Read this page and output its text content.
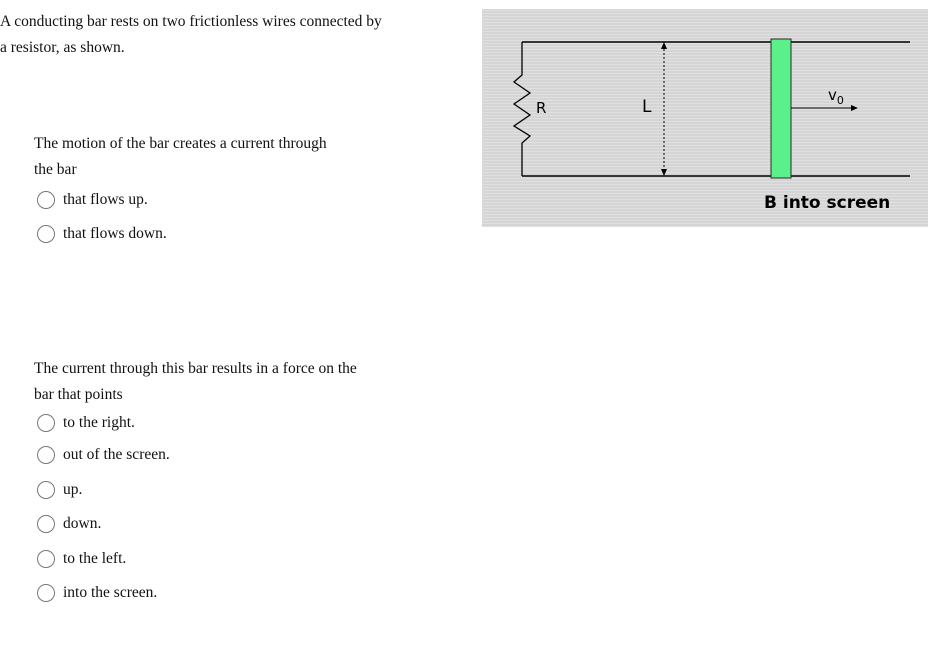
A conducting bar rests on two frictionless wires connected by
a resistor, as shown.
The motion of the bar creates a current through
the bar
that flows up.
that flows down.
The current through this bar results in a force on the
bar that points
to the right.
out of the screen.
up.
down.
to the left.
into the screen.
R	L
$v_0$
B into screen
